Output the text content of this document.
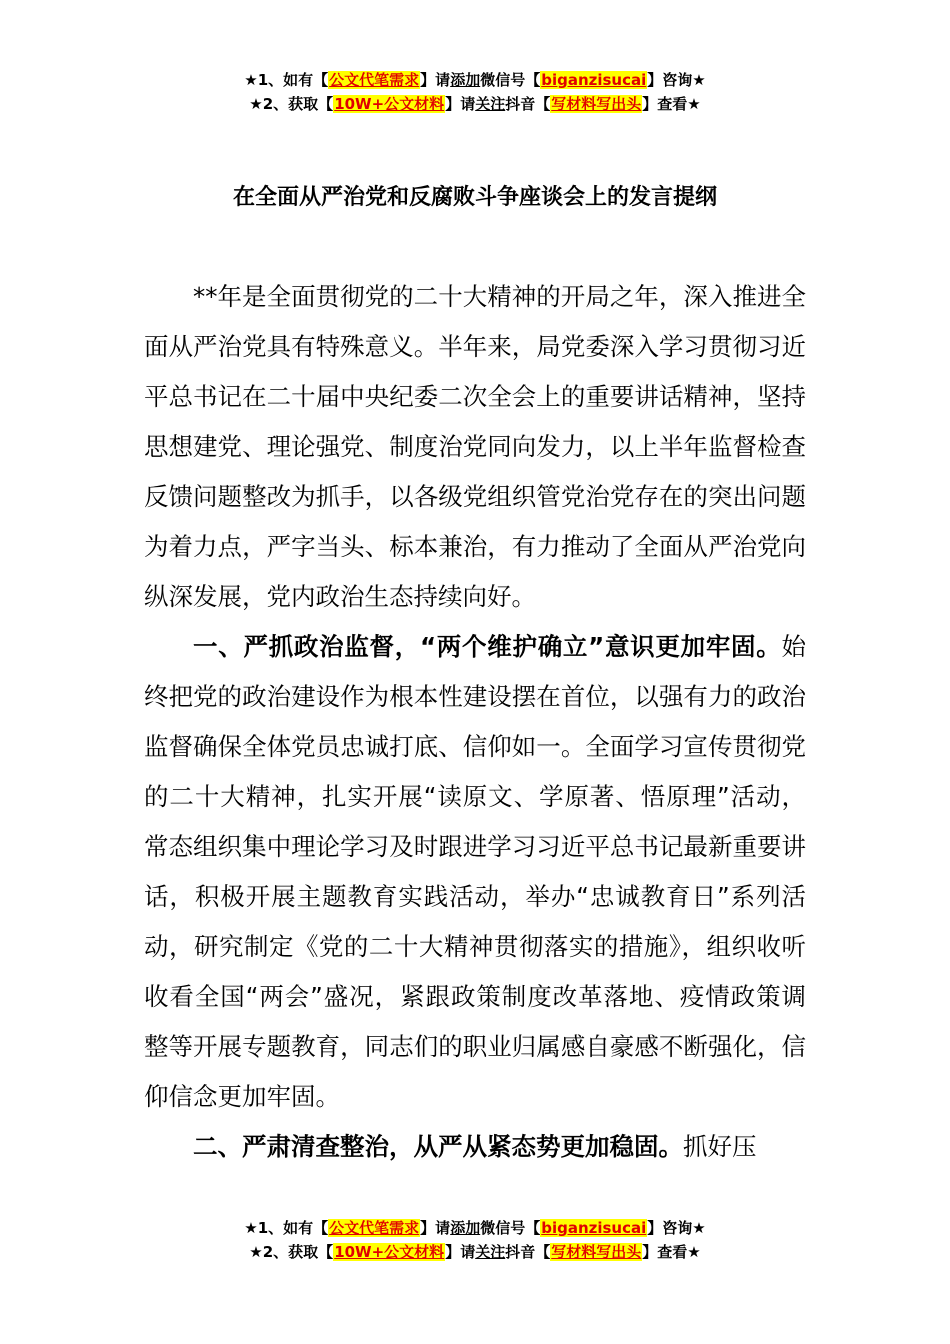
★1、如有【公文代笔需求】请添加微信号【biganzisucai】咨询★
★2、获取【10W+公文材料】请关注抖音【写材料写出头】查看★
在全面从严治党和反腐败斗争座谈会上的发言提纲

**年是全面贯彻党的二十大精神的开局之年，深入推进全面从严治党具有特殊意义。半年来，局党委深入学习贯彻习近平总书记在二十届中央纪委二次全会上的重要讲话精神，坚持思想建党、理论强党、制度治党同向发力，以上半年监督检查反馈问题整改为抓手，以各级党组织管党治党存在的突出问题为着力点，严字当头、标本兼治，有力推动了全面从严治党向纵深发展，党内政治生态持续向好。

一、严抓政治监督，“两个维护确立”意识更加牢固。始终把党的政治建设作为根本性建设摆在首位，以强有力的政治监督确保全体党员忠诚打底、信仰如一。全面学习宣传贯彻党的二十大精神，扎实开展“读原文、学原著、悟原理”活动，常态组织集中理论学习及时跟进学习习近平总书记最新重要讲话，积极开展主题教育实践活动，举办“忠诚教育日”系列活动，研究制定《党的二十大精神贯彻落实的措施》，组织收听收看全国“两会”盛况，紧跟政策制度改革落地、疫情政策调整等开展专题教育，同志们的职业归属感自豪感不断强化，信仰信念更加牢固。

二、严肃清查整治，从严从紧态势更加稳固。抓好压

★1、如有【公文代笔需求】请添加微信号【biganzisucai】咨询★
★2、获取【10W+公文材料】请关注抖音【写材料写出头】查看★
